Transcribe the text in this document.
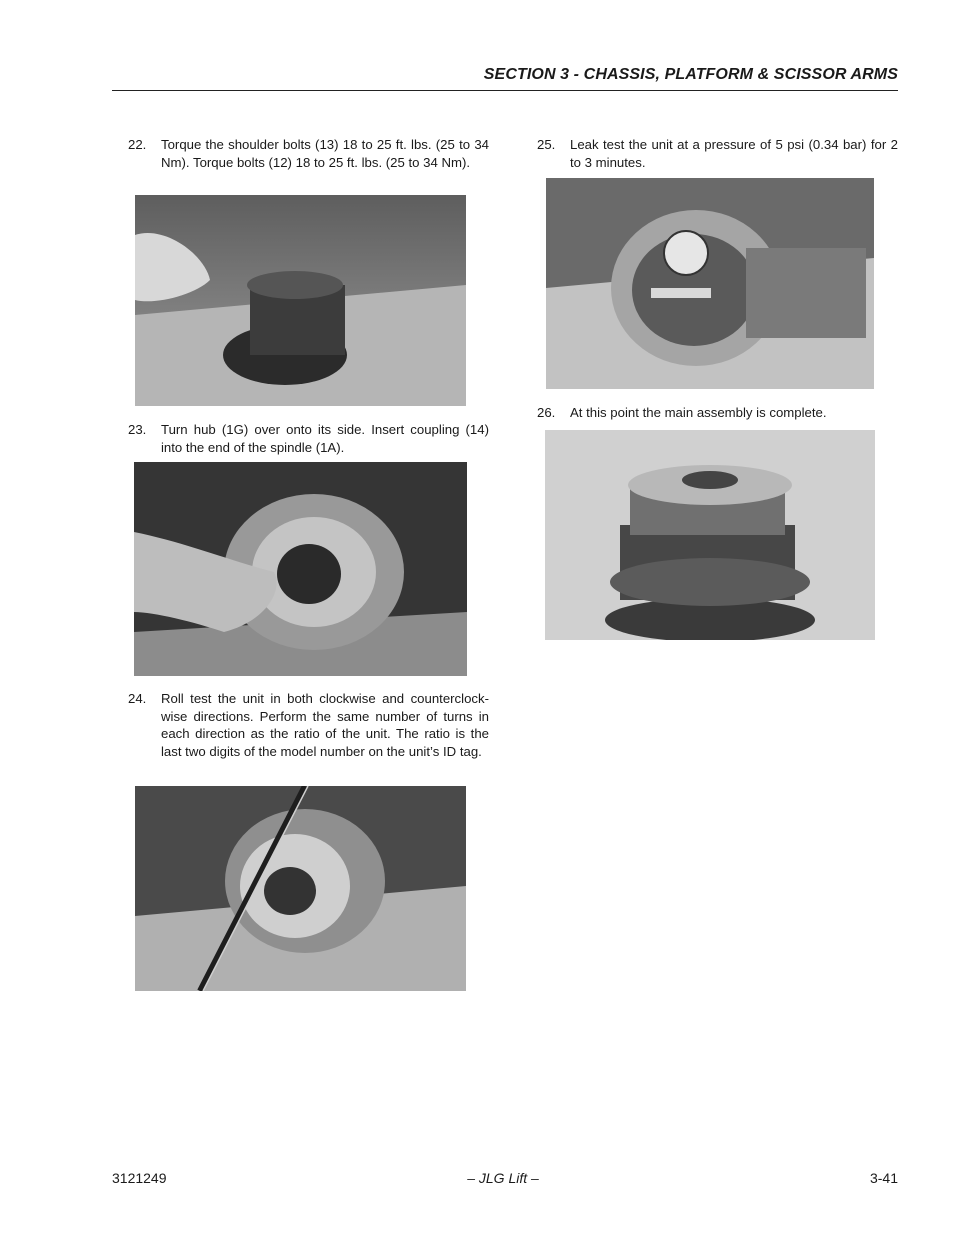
SECTION 3 - CHASSIS, PLATFORM & SCISSOR ARMS
22. Torque the shoulder bolts (13) 18 to 25 ft. lbs. (25 to 34 Nm). Torque bolts (12) 18 to 25 ft. lbs. (25 to 34 Nm).
23. Turn hub (1G) over onto its side. Insert coupling (14) into the end of the spindle (1A).
24. Roll test the unit in both clockwise and counterclock-wise directions. Perform the same number of turns in each direction as the ratio of the unit. The ratio is the last two digits of the model number on the unit’s ID tag.
25. Leak test the unit at a pressure of 5 psi (0.34 bar) for 2 to 3 minutes.
26. At this point the main assembly is complete.
3121249	– JLG Lift –	3-41
